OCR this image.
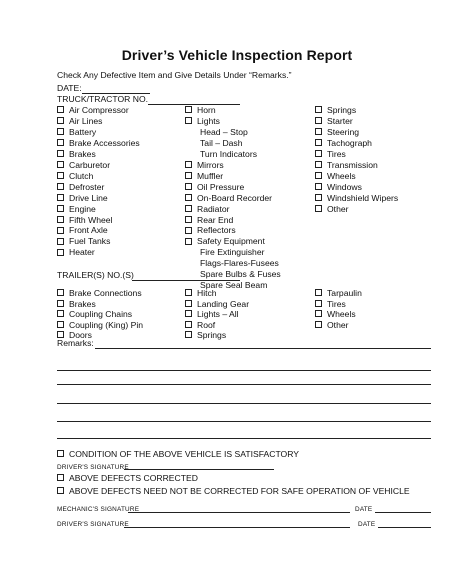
Driver’s Vehicle Inspection Report
Check Any Defective Item and Give Details Under “Remarks.”
DATE:
TRUCK/TRACTOR NO.
Air Compressor
Air Lines
Battery
Brake Accessories
Brakes
Carburetor
Clutch
Defroster
Drive Line
Engine
Fifth Wheel
Front Axle
Fuel Tanks
Heater
Horn
Lights
Head – Stop
Tail – Dash
Turn Indicators
Mirrors
Muffler
Oil Pressure
On-Board Recorder
Radiator
Rear End
Reflectors
Safety Equipment
Fire Extinguisher
Flags-Flares-Fusees
Spare Bulbs & Fuses
Spare Seal Beam
Springs
Starter
Steering
Tachograph
Tires
Transmission
Wheels
Windows
Windshield Wipers
Other
TRAILER(S) NO.(S)
Brake Connections
Brakes
Coupling Chains
Coupling (King) Pin
Doors
Hitch
Landing Gear
Lights – All
Roof
Springs
Tarpaulin
Tires
Wheels
Other
Remarks:
CONDITION OF THE ABOVE VEHICLE IS SATISFACTORY
DRIVER'S SIGNATURE
ABOVE DEFECTS CORRECTED
ABOVE DEFECTS NEED NOT BE CORRECTED FOR SAFE OPERATION OF VEHICLE
MECHANIC'S SIGNATURE	DATE
DRIVER'S SIGNATURE	DATE
